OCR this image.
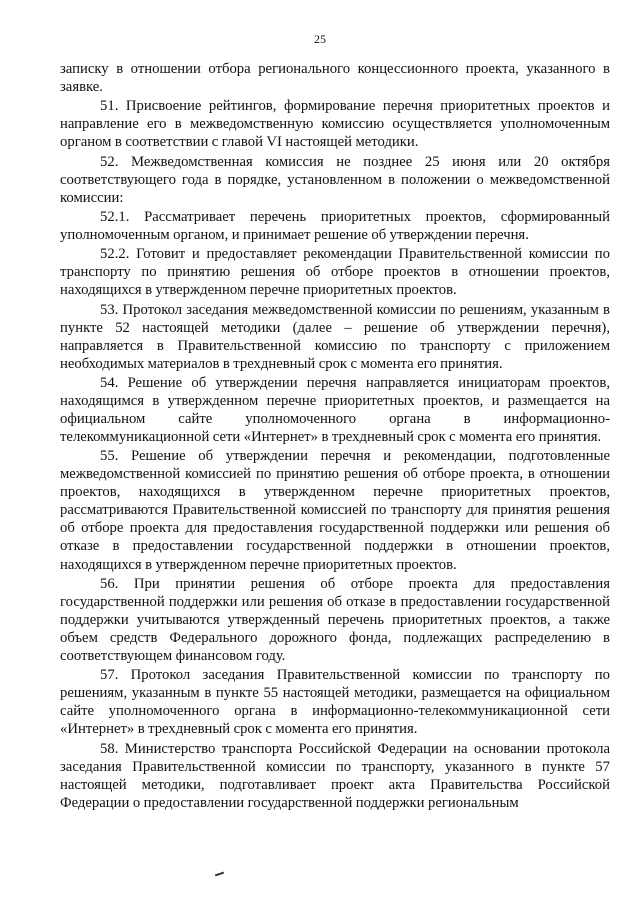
25

записку в отношении отбора регионального концессионного проекта, указанного в заявке.

51. Присвоение рейтингов, формирование перечня приоритетных проектов и направление его в межведомственную комиссию осуществляется уполномоченным органом в соответствии с главой VI настоящей методики.

52. Межведомственная комиссия не позднее 25 июня или 20 октября соответствующего года в порядке, установленном в положении о межведомственной комиссии:

52.1. Рассматривает перечень приоритетных проектов, сформированный уполномоченным органом, и принимает решение об утверждении перечня.

52.2. Готовит и предоставляет рекомендации Правительственной комиссии по транспорту по принятию решения об отборе проектов в отношении проектов, находящихся в утвержденном перечне приоритетных проектов.

53. Протокол заседания межведомственной комиссии по решениям, указанным в пункте 52 настоящей методики (далее – решение об утверждении перечня), направляется в Правительственной комиссию по транспорту с приложением необходимых материалов в трехдневный срок с момента его принятия.

54. Решение об утверждении перечня направляется инициаторам проектов, находящимся в утвержденном перечне приоритетных проектов, и размещается на официальном сайте уполномоченного органа в информационно-телекоммуникационной сети «Интернет» в трехдневный срок с момента его принятия.

55. Решение об утверждении перечня и рекомендации, подготовленные межведомственной комиссией по принятию решения об отборе проекта, в отношении проектов, находящихся в утвержденном перечне приоритетных проектов, рассматриваются Правительственной комиссией по транспорту для принятия решения об отборе проекта для предоставления государственной поддержки или решения об отказе в предоставлении государственной поддержки в отношении проектов, находящихся в утвержденном перечне приоритетных проектов.

56. При принятии решения об отборе проекта для предоставления государственной поддержки или решения об отказе в предоставлении государственной поддержки учитываются утвержденный перечень приоритетных проектов, а также объем средств Федерального дорожного фонда, подлежащих распределению в соответствующем финансовом году.

57. Протокол заседания Правительственной комиссии по транспорту по решениям, указанным в пункте 55 настоящей методики, размещается на официальном сайте уполномоченного органа в информационно-телекоммуникационной сети «Интернет» в трехдневный срок с момента его принятия.

58. Министерство транспорта Российской Федерации на основании протокола заседания Правительственной комиссии по транспорту, указанного в пункте 57 настоящей методики, подготавливает проект акта Правительства Российской Федерации о предоставлении государственной поддержки региональным
